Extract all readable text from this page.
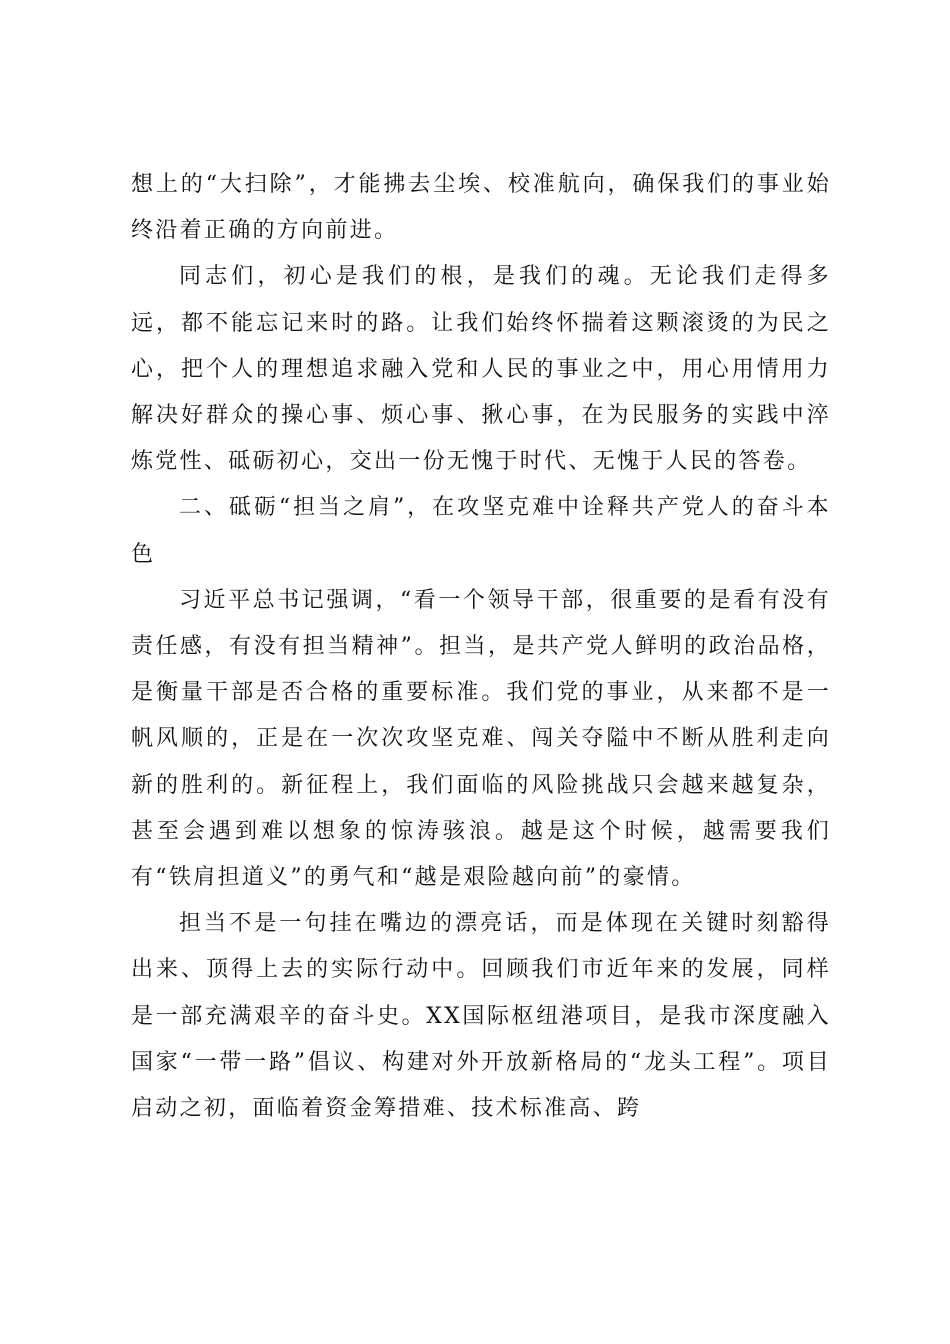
想上的“大扫除”，才能拂去尘埃、校准航向，确保我们的事业始终沿着正确的方向前进。

同志们，初心是我们的根，是我们的魂。无论我们走得多远，都不能忘记来时的路。让我们始终怀揣着这颗滚烫的为民之心，把个人的理想追求融入党和人民的事业之中，用心用情用力解决好群众的操心事、烦心事、揪心事，在为民服务的实践中淬炼党性、砥砺初心，交出一份无愧于时代、无愧于人民的答卷。

二、砥砺“担当之肩”，在攻坚克难中诠释共产党人的奋斗本色

习近平总书记强调，“看一个领导干部，很重要的是看有没有责任感，有没有担当精神”。担当，是共产党人鲜明的政治品格，是衡量干部是否合格的重要标准。我们党的事业，从来都不是一帆风顺的，正是在一次次攻坚克难、闯关夺隘中不断从胜利走向新的胜利的。新征程上，我们面临的风险挑战只会越来越复杂，甚至会遇到难以想象的惊涛骇浪。越是这个时候，越需要我们有“铁肩担道义”的勇气和“越是艰险越向前”的豪情。

担当不是一句挂在嘴边的漂亮话，而是体现在关键时刻豁得出来、顶得上去的实际行动中。回顾我们市近年来的发展，同样是一部充满艰辛的奋斗史。XX国际枢纽港项目，是我市深度融入国家“一带一路”倡议、构建对外开放新格局的“龙头工程”。项目启动之初，面临着资金筹措难、技术标准高、跨
